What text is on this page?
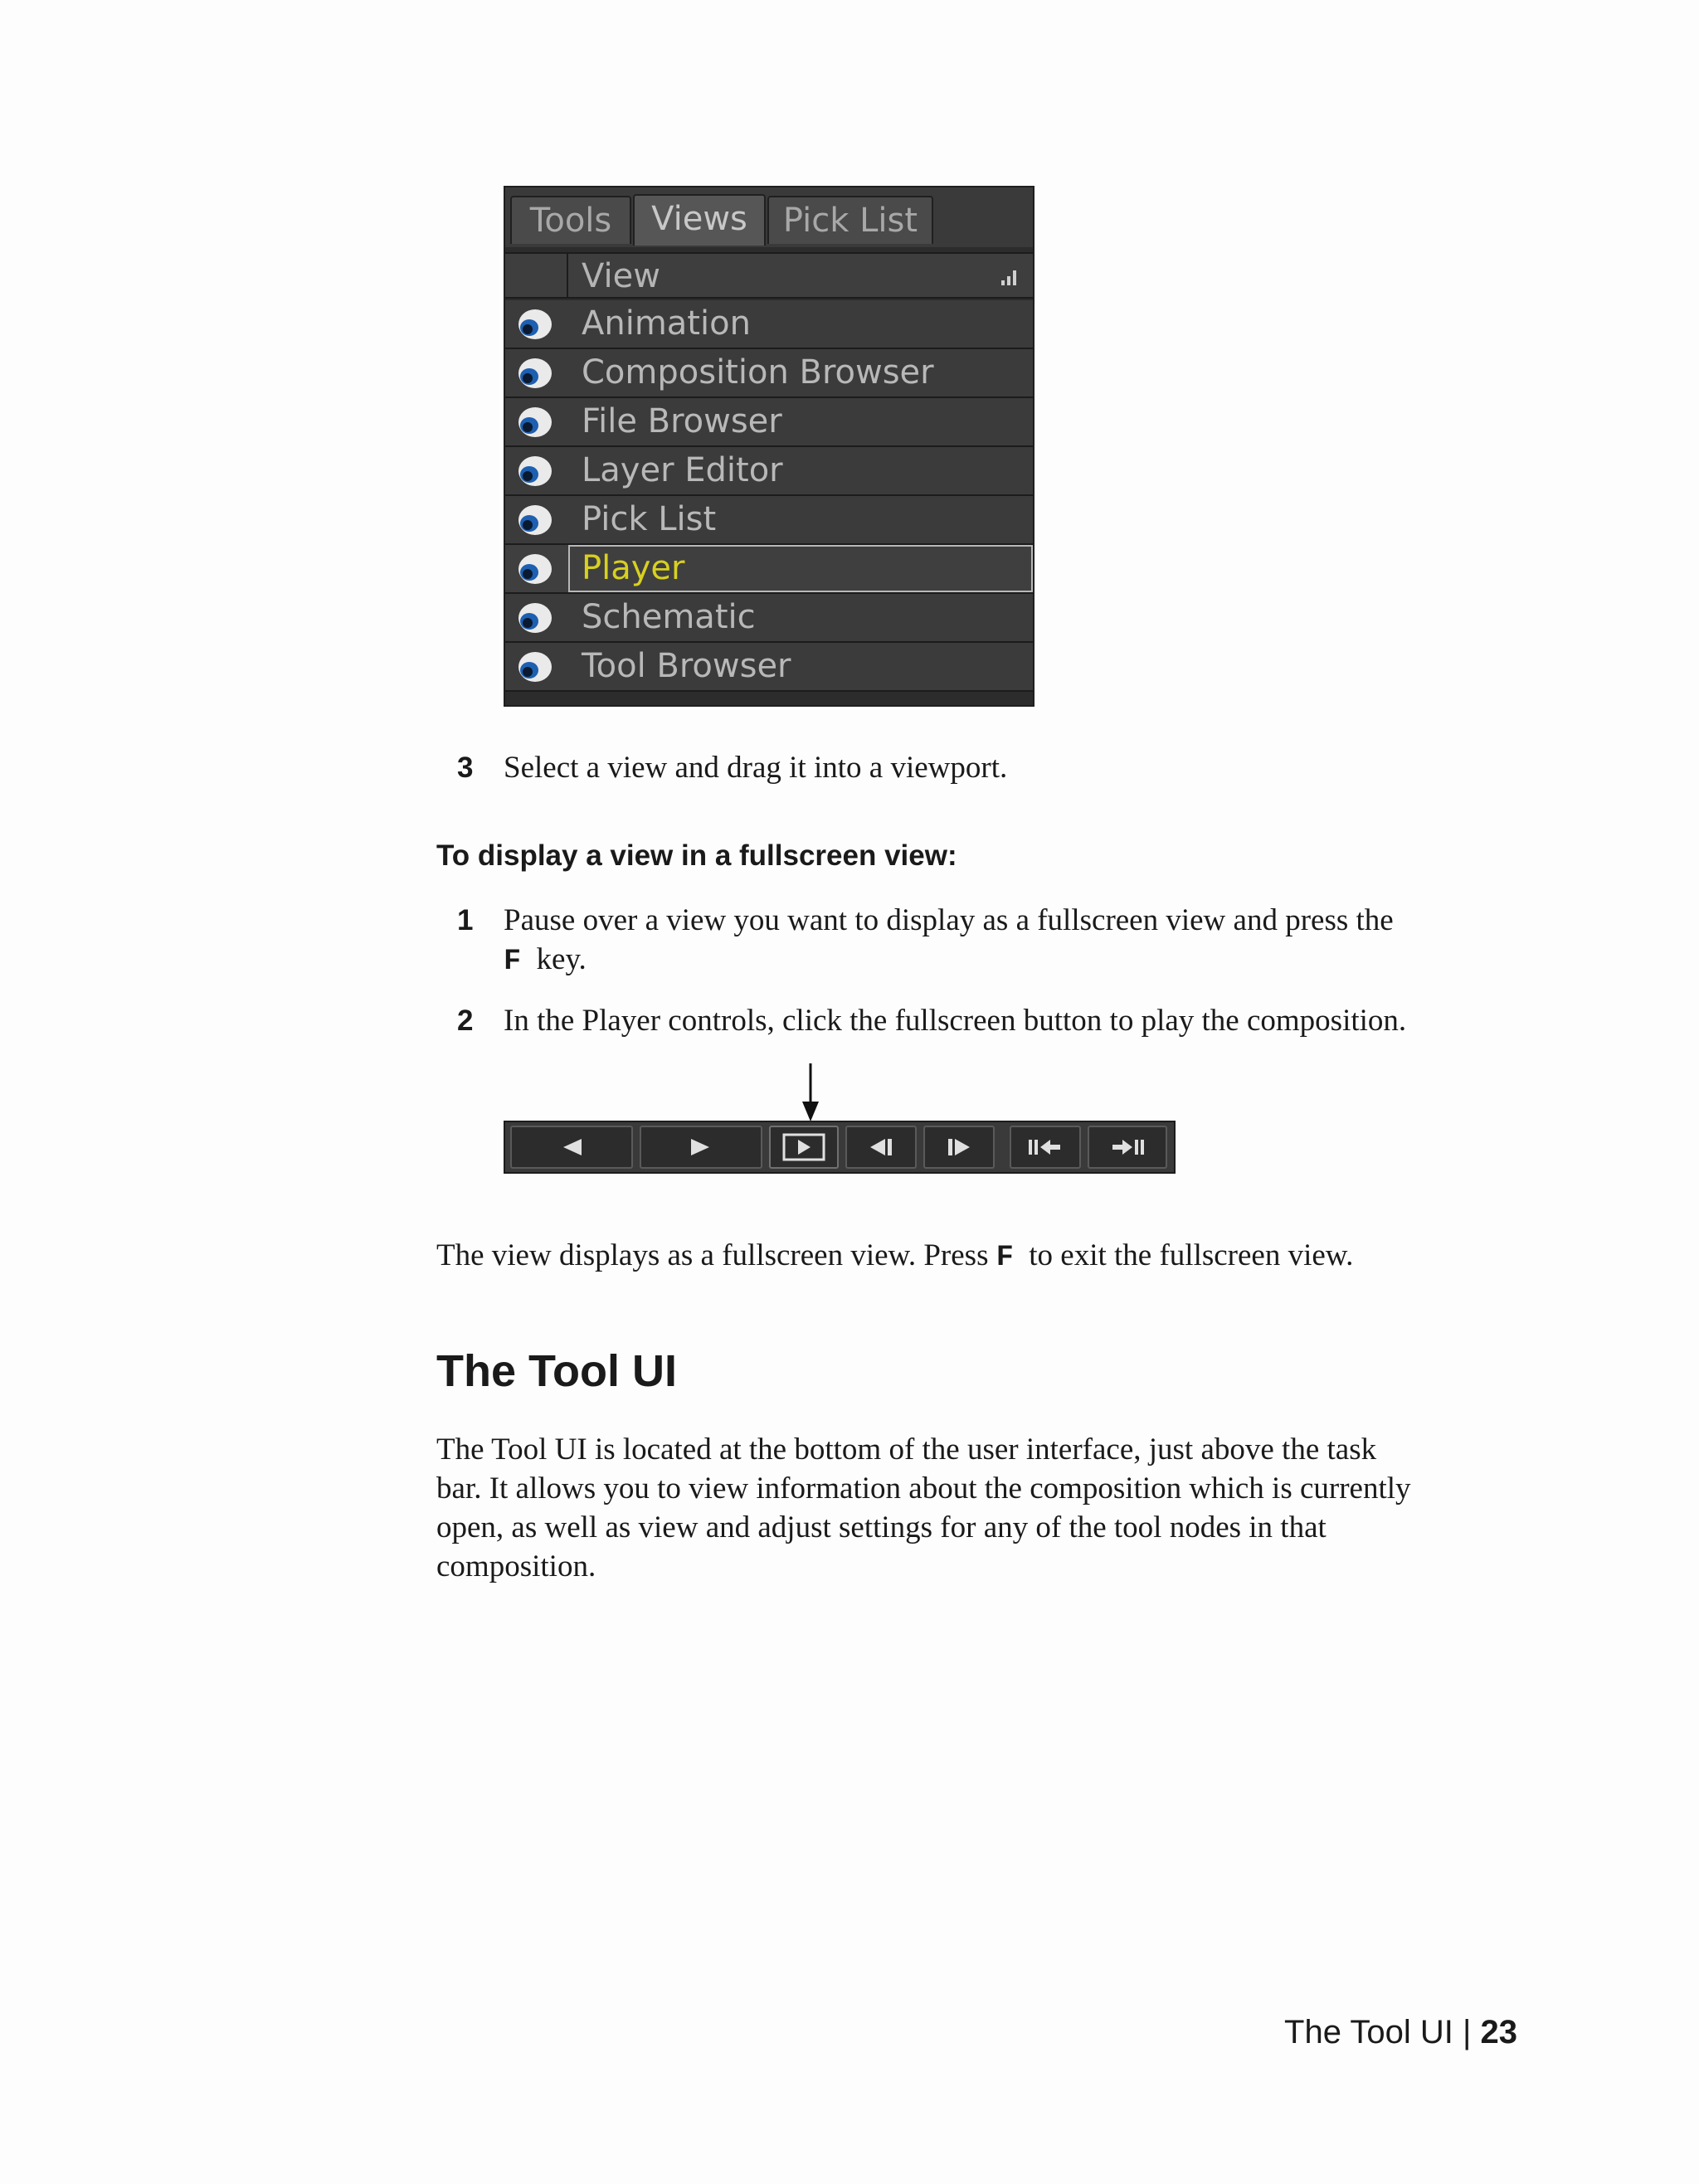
Tools	Views	Pick List
View
Animation
Composition Browser
File Browser
Layer Editor
Pick List
Player
Schematic
Tool Browser
3 Select a view and drag it into a viewport.
To display a view in a fullscreen view:
1 Pause over a view you want to display as a fullscreen view and press the
F key.
2 In the Player controls, click the fullscreen button to play the composition.
The view displays as a fullscreen view. Press F to exit the fullscreen view.
The Tool UI
The Tool UI is located at the bottom of the user interface, just above the task
bar. It allows you to view information about the composition which is currently
open, as well as view and adjust settings for any of the tool nodes in that
composition.
The Tool UI | 23
